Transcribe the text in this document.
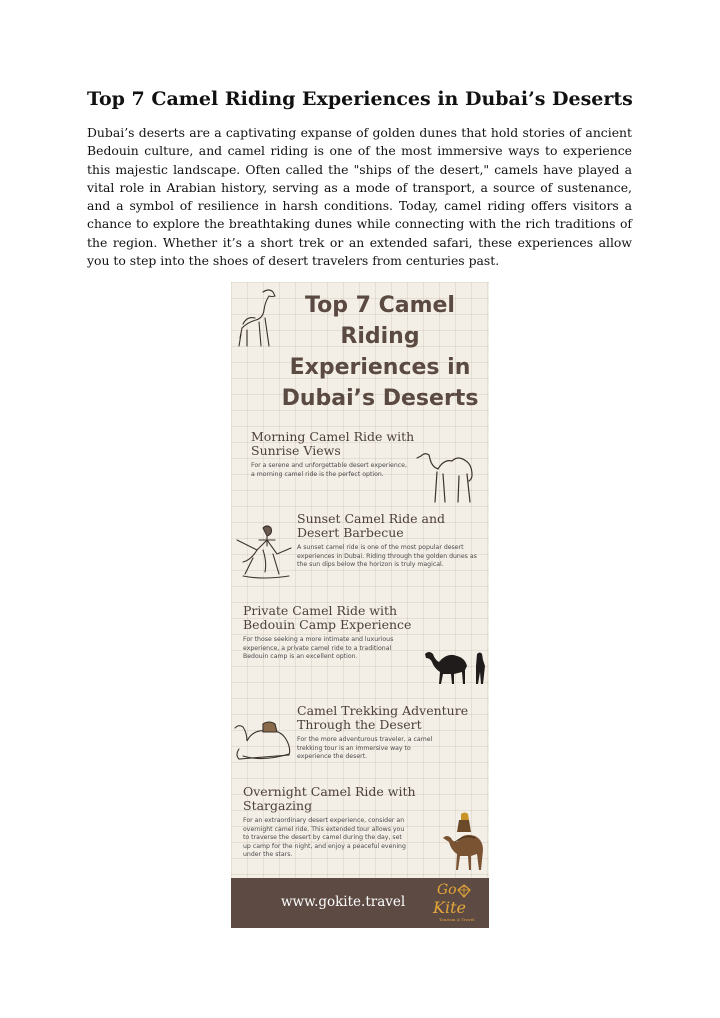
Top 7 Camel Riding Experiences in Dubai’s Deserts

Dubai’s deserts are a captivating expanse of golden dunes that hold stories of ancient Bedouin culture, and camel riding is one of the most immersive ways to experience this majestic landscape. Often called the "ships of the desert," camels have played a vital role in Arabian history, serving as a mode of transport, a source of sustenance, and a symbol of resilience in harsh conditions. Today, camel riding offers visitors a chance to explore the breathtaking dunes while connecting with the rich traditions of the region. Whether it’s a short trek or an extended safari, these experiences allow you to step into the shoes of desert travelers from centuries past.

Top 7 Camel Riding Experiences in Dubai’s Deserts
Morning Camel Ride with Sunrise Views

For a serene and unforgettable desert experience, a morning camel ride is the perfect option.

Sunset Camel Ride and Desert Barbecue

A sunset camel ride is one of the most popular desert experiences in Dubai. Riding through the golden dunes as the sun dips below the horizon is truly magical.

Private Camel Ride with Bedouin Camp Experience

For those seeking a more intimate and luxurious experience, a private camel ride to a traditional Bedouin camp is an excellent option.

Camel Trekking Adventure Through the Desert

For the more adventurous traveler, a camel trekking tour is an immersive way to experience the desert.

Overnight Camel Ride with Stargazing

For an extraordinary desert experience, consider an overnight camel ride. This extended tour allows you to traverse the desert by camel during the day, set up camp for the night, and enjoy a peaceful evening under the stars.

www.gokite.travel
Go
Kite
Tourism & Travel
